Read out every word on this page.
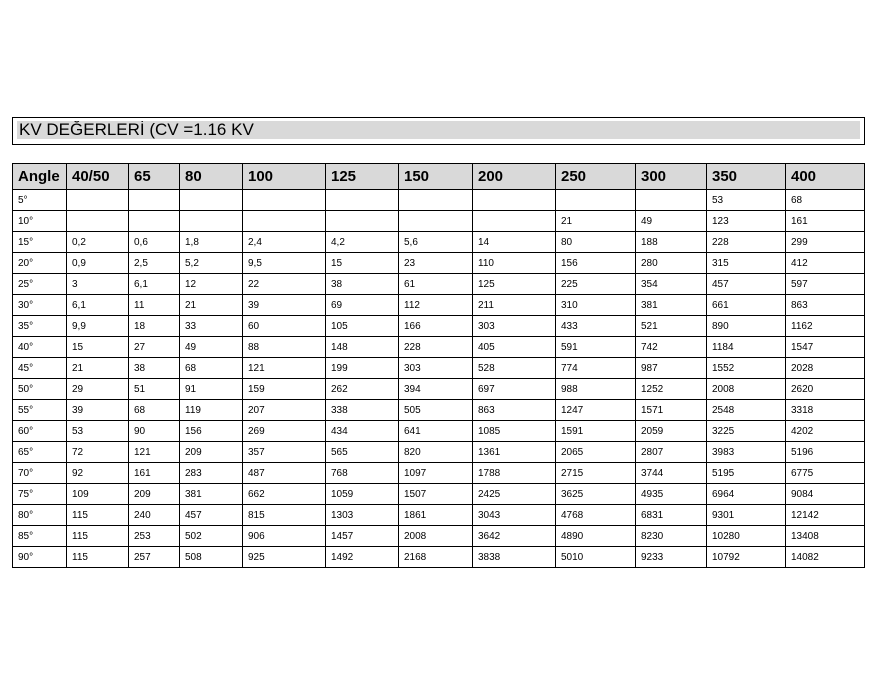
KV DEĞERLERİ (CV =1.16 KV
Angle	40/50	65	80	100	125	150	200	250	300	350	400
5°										53	68
10°								21	49	123	161
15°	0,2	0,6	1,8	2,4	4,2	5,6	14	80	188	228	299
20°	0,9	2,5	5,2	9,5	15	23	110	156	280	315	412
25°	3	6,1	12	22	38	61	125	225	354	457	597
30°	6,1	11	21	39	69	112	211	310	381	661	863
35°	9,9	18	33	60	105	166	303	433	521	890	1162
40°	15	27	49	88	148	228	405	591	742	1184	1547
45°	21	38	68	121	199	303	528	774	987	1552	2028
50°	29	51	91	159	262	394	697	988	1252	2008	2620
55°	39	68	119	207	338	505	863	1247	1571	2548	3318
60°	53	90	156	269	434	641	1085	1591	2059	3225	4202
65°	72	121	209	357	565	820	1361	2065	2807	3983	5196
70°	92	161	283	487	768	1097	1788	2715	3744	5195	6775
75°	109	209	381	662	1059	1507	2425	3625	4935	6964	9084
80°	115	240	457	815	1303	1861	3043	4768	6831	9301	12142
85°	115	253	502	906	1457	2008	3642	4890	8230	10280	13408
90°	115	257	508	925	1492	2168	3838	5010	9233	10792	14082
